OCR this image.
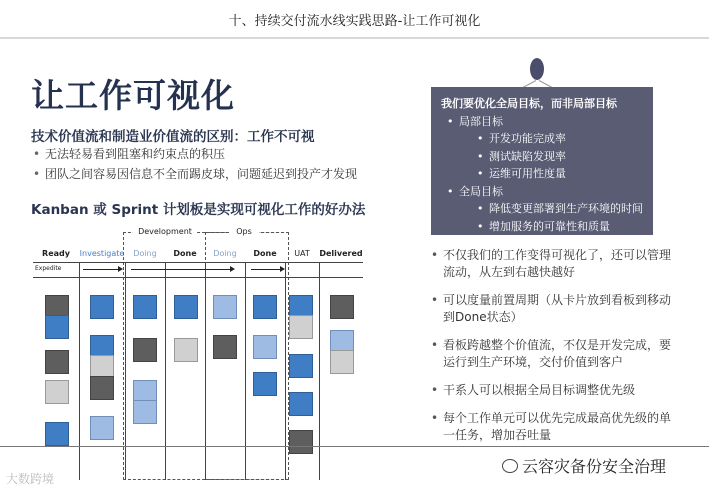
十、持续交付流水线实践思路-让工作可视化
让工作可视化
技术价值流和制造业价值流的区别：工作不可视
• 无法轻易看到阻塞和约束点的积压
• 团队之间容易因信息不全而踢皮球，问题延迟到投产才发现
Kanban 或 Sprint 计划板是实现可视化工作的好办法
Development	Ops
Ready	Investigate	Doing	Done	Doing	Done	UAT	Delivered
Expedite
我们要优化全局目标，而非局部目标
• 局部目标
• 开发功能完成率
• 测试缺陷发现率
• 运维可用性度量
• 全局目标
• 降低变更部署到生产环境的时间
• 增加服务的可靠性和质量
• 不仅我们的工作变得可视化了，还可以管理流动，从左到右越快越好
• 可以度量前置周期（从卡片放到看板到移动到Done状态）
• 看板跨越整个价值流，不仅是开发完成，要运行到生产环境，交付价值到客户
• 干系人可以根据全局目标调整优先级
• 每个工作单元可以优先完成最高优先级的单一任务，增加吞吐量
大数跨境
云容灾备份安全治理
